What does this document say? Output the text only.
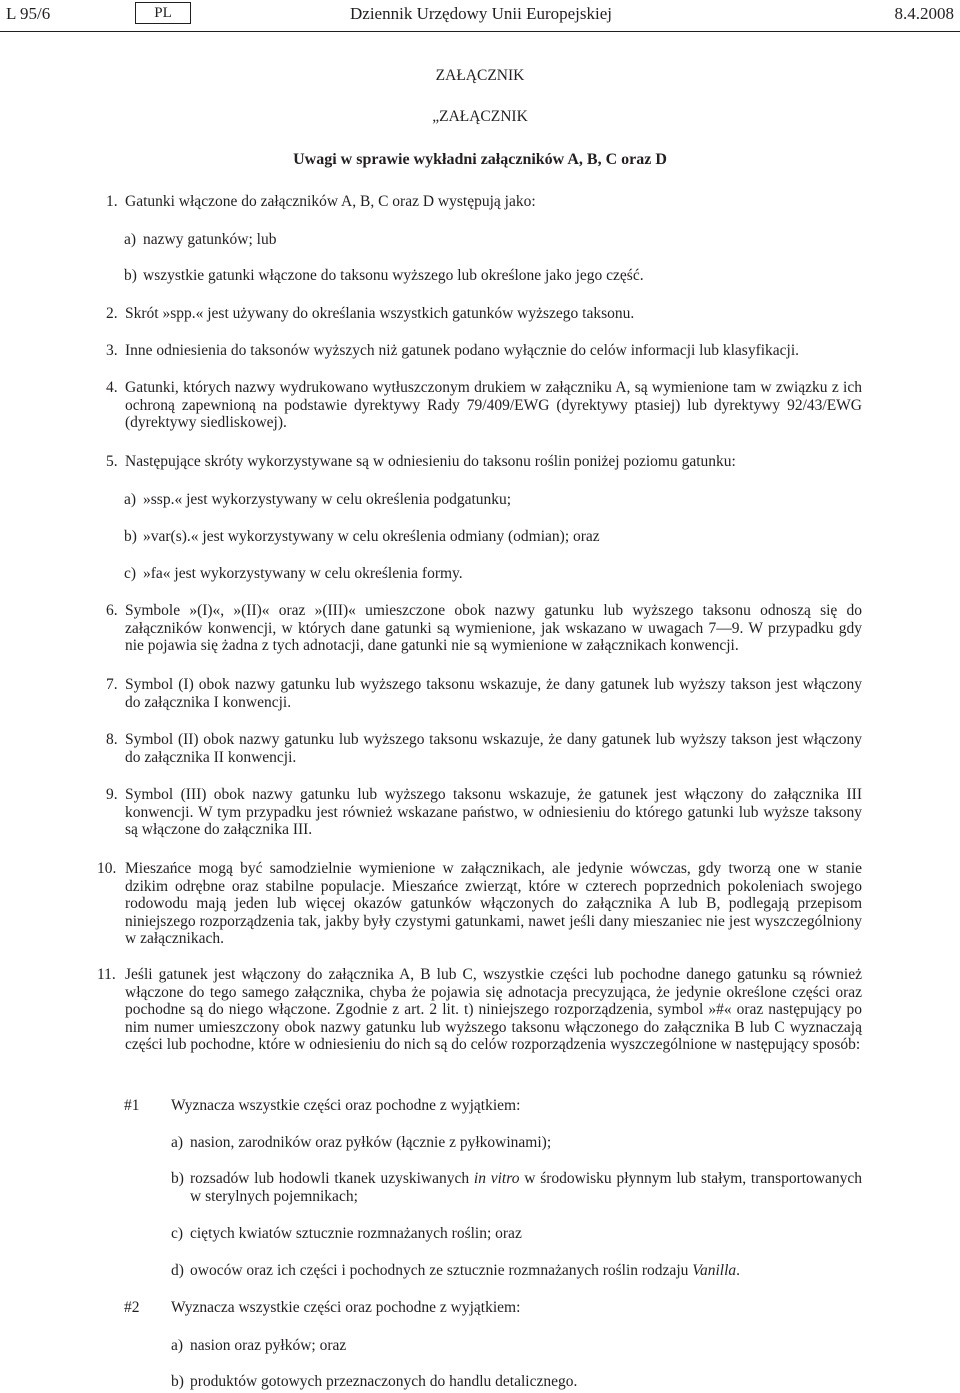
L 95/6	PL	Dziennik Urzędowy Unii Europejskiej	8.4.2008
ZAŁĄCZNIK
„ZAŁĄCZNIK
Uwagi w sprawie wykładni załączników A, B, C oraz D
1. Gatunki włączone do załączników A, B, C oraz D występują jako:
a) nazwy gatunków; lub
b) wszystkie gatunki włączone do taksonu wyższego lub określone jako jego część.
2. Skrót »spp.« jest używany do określania wszystkich gatunków wyższego taksonu.
3. Inne odniesienia do taksonów wyższych niż gatunek podano wyłącznie do celów informacji lub klasyfikacji.
4. Gatunki, których nazwy wydrukowano wytłuszczonym drukiem w załączniku A, są wymienione tam w związku z ich ochroną zapewnioną na podstawie dyrektywy Rady 79/409/EWG (dyrektywy ptasiej) lub dyrektywy 92/43/EWG (dyrektywy siedliskowej).
5. Następujące skróty wykorzystywane są w odniesieniu do taksonu roślin poniżej poziomu gatunku:
a) »ssp.« jest wykorzystywany w celu określenia podgatunku;
b) »var(s).« jest wykorzystywany w celu określenia odmiany (odmian); oraz
c) »fa« jest wykorzystywany w celu określenia formy.
6. Symbole »(I)«, »(II)« oraz »(III)« umieszczone obok nazwy gatunku lub wyższego taksonu odnoszą się do załączników konwencji, w których dane gatunki są wymienione, jak wskazano w uwagach 7—9. W przypadku gdy nie pojawia się żadna z tych adnotacji, dane gatunki nie są wymienione w załącznikach konwencji.
7. Symbol (I) obok nazwy gatunku lub wyższego taksonu wskazuje, że dany gatunek lub wyższy takson jest włączony do załącznika I konwencji.
8. Symbol (II) obok nazwy gatunku lub wyższego taksonu wskazuje, że dany gatunek lub wyższy takson jest włączony do załącznika II konwencji.
9. Symbol (III) obok nazwy gatunku lub wyższego taksonu wskazuje, że gatunek jest włączony do załącznika III konwencji. W tym przypadku jest również wskazane państwo, w odniesieniu do którego gatunki lub wyższe taksony są włączone do załącznika III.
10. Mieszańce mogą być samodzielnie wymienione w załącznikach, ale jedynie wówczas, gdy tworzą one w stanie dzikim odrębne oraz stabilne populacje. Mieszańce zwierząt, które w czterech poprzednich pokoleniach swojego rodowodu mają jeden lub więcej okazów gatunków włączonych do załącznika A lub B, podlegają przepisom niniejszego rozporządzenia tak, jakby były czystymi gatunkami, nawet jeśli dany mieszaniec nie jest wyszczególniony w załącznikach.
11. Jeśli gatunek jest włączony do załącznika A, B lub C, wszystkie części lub pochodne danego gatunku są również włączone do tego samego załącznika, chyba że pojawia się adnotacja precyzująca, że jedynie określone części oraz pochodne są do niego włączone. Zgodnie z art. 2 lit. t) niniejszego rozporządzenia, symbol »#« oraz następujący po nim numer umieszczony obok nazwy gatunku lub wyższego taksonu włączonego do załącznika B lub C wyznaczają części lub pochodne, które w odniesieniu do nich są do celów rozporządzenia wyszczególnione w następujący sposób:
#1	Wyznacza wszystkie części oraz pochodne z wyjątkiem:
a) nasion, zarodników oraz pyłków (łącznie z pyłkowinami);
b) rozsadów lub hodowli tkanek uzyskiwanych in vitro w środowisku płynnym lub stałym, transportowanych w sterylnych pojemnikach;
c) ciętych kwiatów sztucznie rozmnażanych roślin; oraz
d) owoców oraz ich części i pochodnych ze sztucznie rozmnażanych roślin rodzaju Vanilla.
#2	Wyznacza wszystkie części oraz pochodne z wyjątkiem:
a) nasion oraz pyłków; oraz
b) produktów gotowych przeznaczonych do handlu detalicznego.
